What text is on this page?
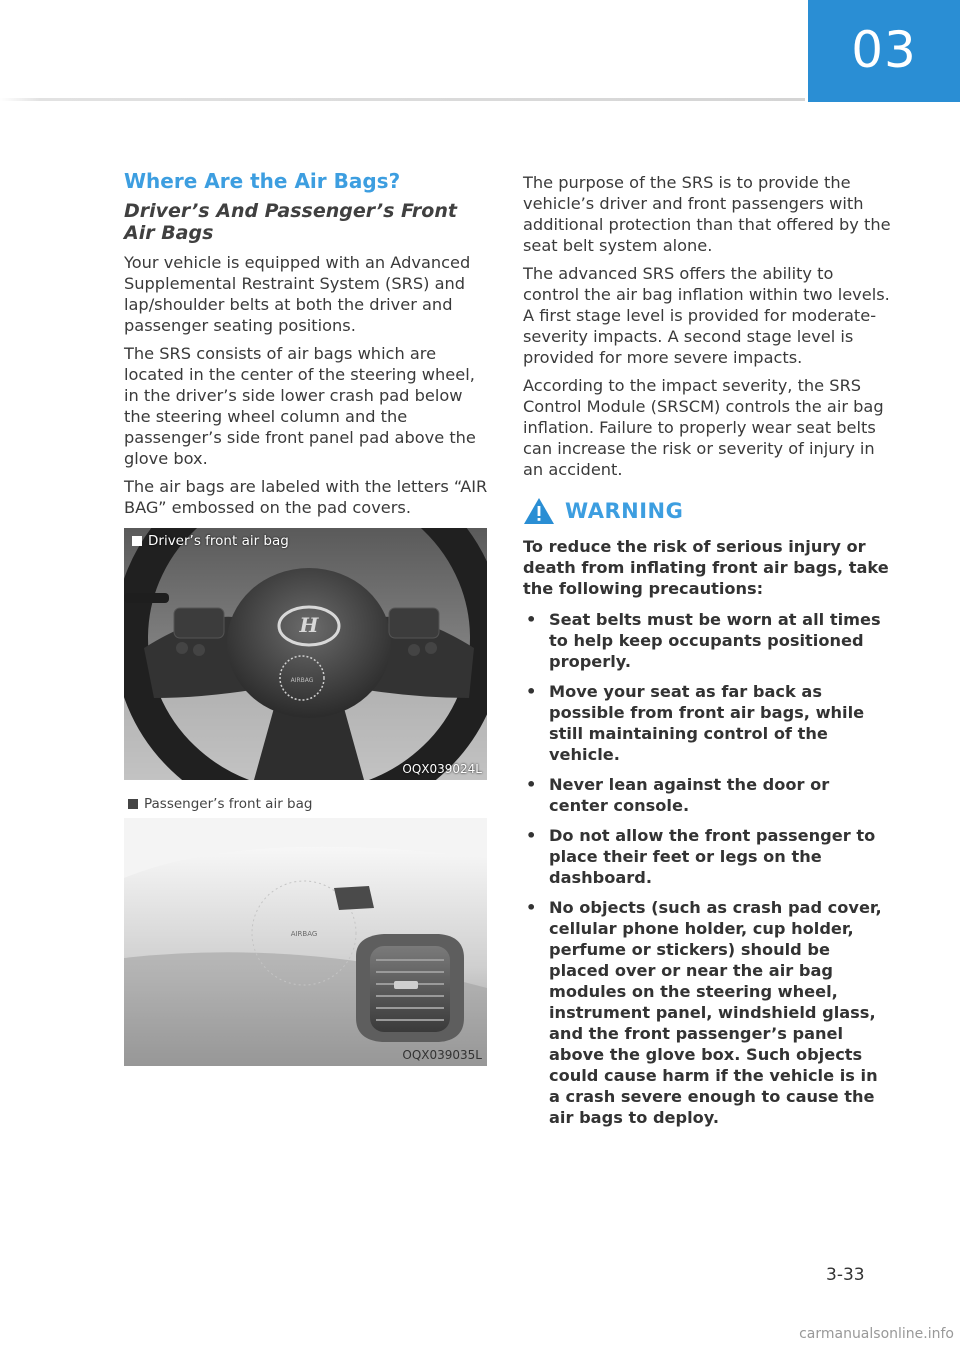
03
Where Are the Air Bags?
Driver’s And Passenger’s Front Air Bags

Your vehicle is equipped with an Advanced Supplemental Restraint System (SRS) and lap/shoulder belts at both the driver and passenger seating positions.

The SRS consists of air bags which are located in the center of the steering wheel, in the driver’s side lower crash pad below the steering wheel column and the passenger’s side front panel pad above the glove box.

The air bags are labeled with the letters “AIR BAG” embossed on the pad covers.

Driver’s front air bag
H
AIRBAG
OQX039024L
Passenger’s front air bag
AIRBAG
OQX039035L

The purpose of the SRS is to provide the vehicle’s driver and front passengers with additional protection than that offered by the seat belt system alone.

The advanced SRS offers the ability to control the air bag inflation within two levels. A first stage level is provided for moderate-severity impacts. A second stage level is provided for more severe impacts.

According to the impact severity, the SRS Control Module (SRSCM) controls the air bag inflation. Failure to properly wear seat belts can increase the risk or severity of injury in an accident.

WARNING

To reduce the risk of serious injury or death from inflating front air bags, take the following precautions:

• Seat belts must be worn at all times to help keep occupants positioned properly.
• Move your seat as far back as possible from front air bags, while still maintaining control of the vehicle.
• Never lean against the door or center console.
• Do not allow the front passenger to place their feet or legs on the dashboard.
• No objects (such as crash pad cover, cellular phone holder, cup holder, perfume or stickers) should be placed over or near the air bag modules on the steering wheel, instrument panel, windshield glass, and the front passenger’s panel above the glove box. Such objects could cause harm if the vehicle is in a crash severe enough to cause the air bags to deploy.
3-33
carmanualsonline.info
